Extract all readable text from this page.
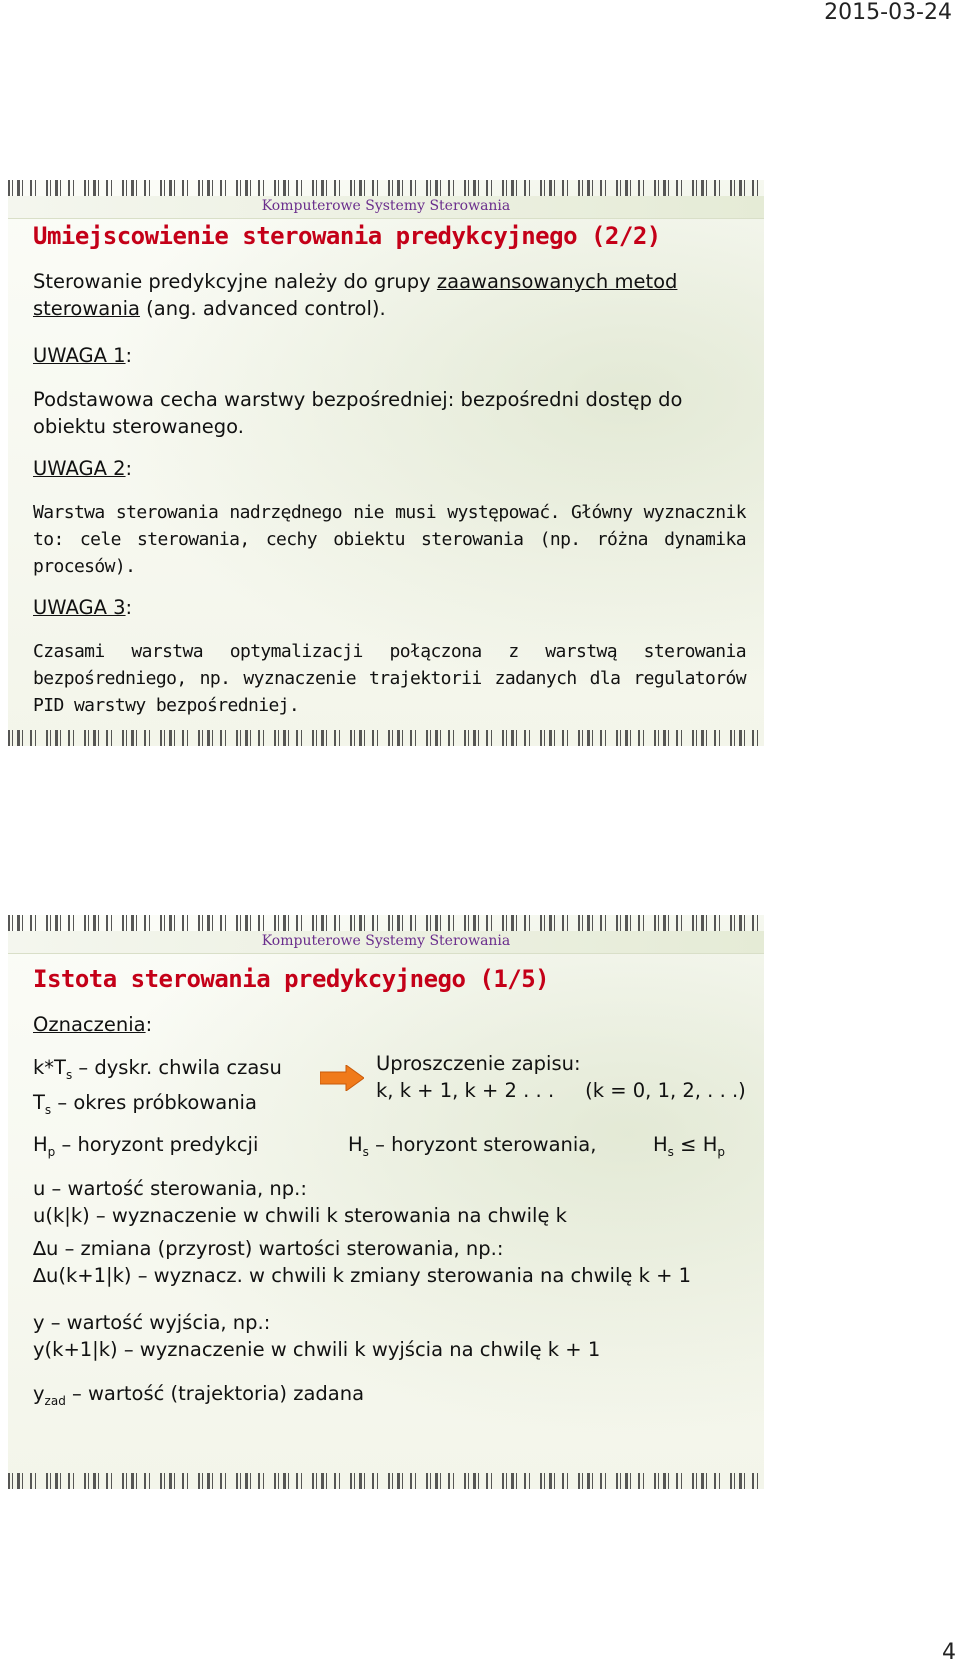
2015-03-24
Komputerowe Systemy Sterowania
Umiejscowienie sterowania predykcyjnego (2/2)

Sterowanie predykcyjne należy do grupy zaawansowanych metod sterowania (ang. advanced control).

UWAGA 1:

Podstawowa cecha warstwy bezpośredniej: bezpośredni dostęp do obiektu sterowanego.

UWAGA 2:

Warstwa sterowania nadrzędnego nie musi występować. Główny wyznacznik to: cele sterowania, cechy obiektu sterowania (np. różna dynamika procesów).

UWAGA 3:

Czasami warstwa optymalizacji połączona z warstwą sterowania bezpośredniego, np. wyznaczenie trajektorii zadanych dla regulatorów PID warstwy bezpośredniej.

Komputerowe Systemy Sterowania
Istota sterowania predykcyjnego (1/5)
Oznaczenia:
$k*T_s$ – dyskr. chwila czasu
$T_s$ – okres próbkowania
Uproszczenie zapisu:
k, k + 1, k + 2 . . .     (k = 0, 1, 2, . . .)
$H_p$ – horyzont predykcji	$H_s$ – horyzont sterowania,	$H_s \le H_p$
u – wartość sterowania, np.:
u(k|k) – wyznaczenie w chwili k sterowania na chwilę k
∆u – zmiana (przyrost) wartości sterowania, np.:
∆u(k+1|k) – wyznacz. w chwili k zmiany sterowania na chwilę k + 1
y – wartość wyjścia, np.:
y(k+1|k) – wyznaczenie w chwili k wyjścia na chwilę k + 1
$y_{zad}$ – wartość (trajektoria) zadana
4
